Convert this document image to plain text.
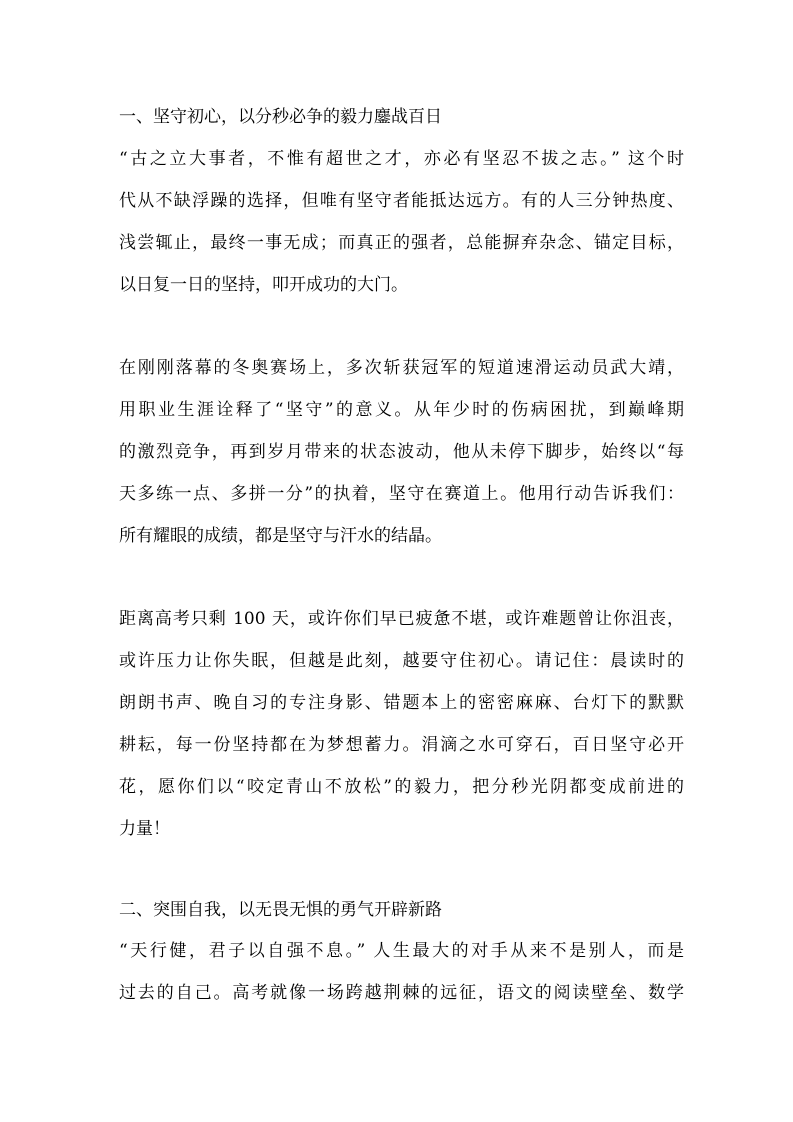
一、坚守初心，以分秒必争的毅力鏖战百日
“古之立大事者，不惟有超世之才，亦必有坚忍不拔之志。” 这个时
代从不缺浮躁的选择，但唯有坚守者能抵达远方。有的人三分钟热度、
浅尝辄止，最终一事无成；而真正的强者，总能摒弃杂念、锚定目标，
以日复一日的坚持，叩开成功的大门。
在刚刚落幕的冬奥赛场上，多次斩获冠军的短道速滑运动员武大靖，
用职业生涯诠释了“坚守”的意义。从年少时的伤病困扰，到巅峰期
的激烈竞争，再到岁月带来的状态波动，他从未停下脚步，始终以“每
天多练一点、多拼一分”的执着，坚守在赛道上。他用行动告诉我们：
所有耀眼的成绩，都是坚守与汗水的结晶。
距离高考只剩 100 天，或许你们早已疲惫不堪，或许难题曾让你沮丧，
或许压力让你失眠，但越是此刻，越要守住初心。请记住：晨读时的
朗朗书声、晚自习的专注身影、错题本上的密密麻麻、台灯下的默默
耕耘，每一份坚持都在为梦想蓄力。涓滴之水可穿石，百日坚守必开
花，愿你们以“咬定青山不放松”的毅力，把分秒光阴都变成前进的
力量！
二、突围自我，以无畏无惧的勇气开辟新路
“天行健，君子以自强不息。” 人生最大的对手从来不是别人，而是
过去的自己。高考就像一场跨越荆棘的远征，语文的阅读壁垒、数学
